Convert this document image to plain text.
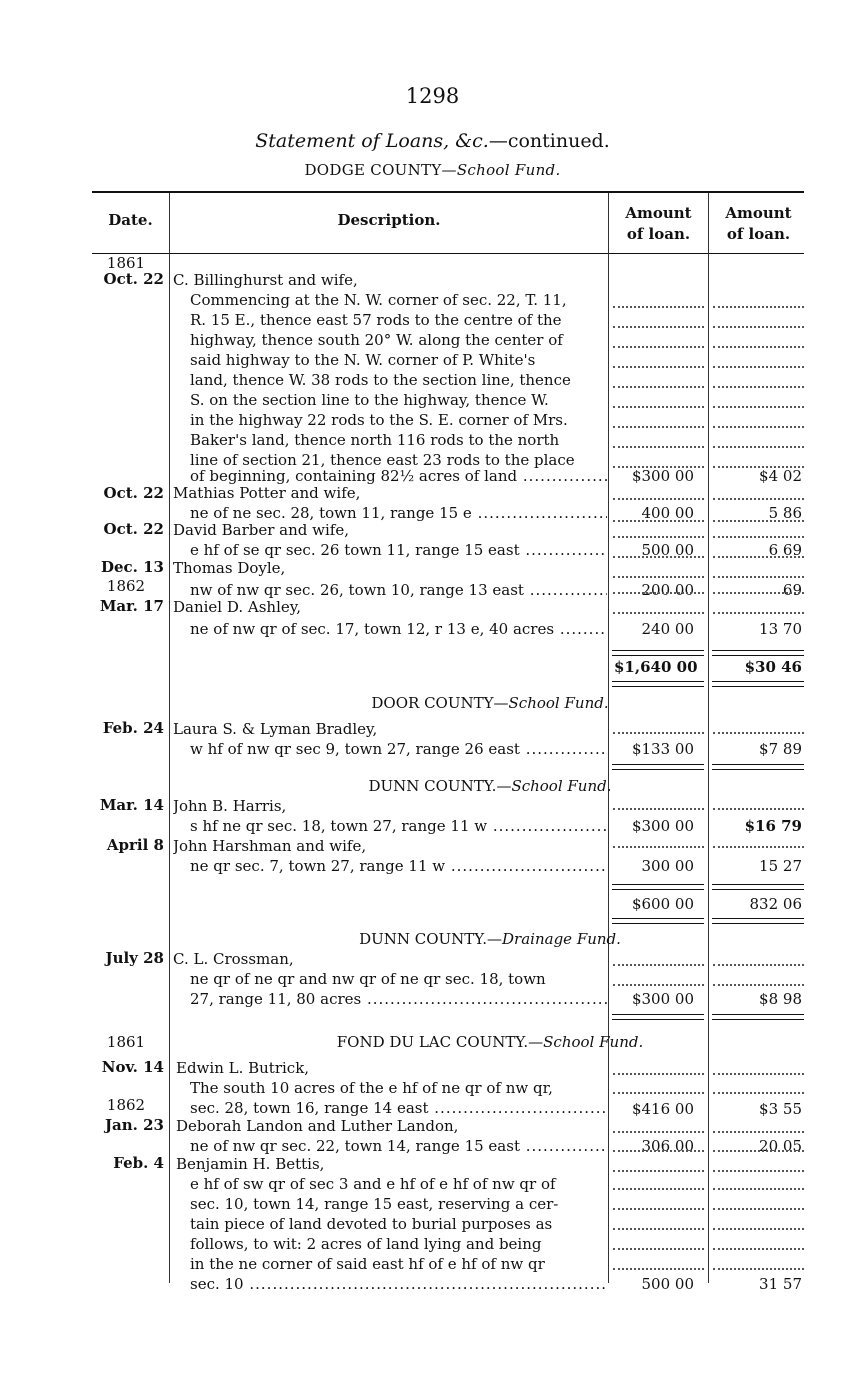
1298
Statement of Loans, &c.—continued.
DODGE COUNTY—School Fund.
Date.	Description.	Amount
of loan.
Amount
of loan.
1861
Oct. 22 C. Billinghurst and wife,
Commencing at the N. W. corner of sec. 22, T. 11,
R. 15 E., thence east 57 rods to the centre of the
highway, thence south 20° W. along the center of
said highway to the N. W. corner of P. White's
land, thence W. 38 rods to the section line, thence
S. on the section line to the highway, thence W.
in the highway 22 rods to the S. E. corner of Mrs.
Baker's land, thence north 116 rods to the north
line of section 21, thence east 23 rods to the place
of beginning, containing 82½ acres of land .....	$300 00	$4 02
Oct. 22 Mathias Potter and wife,
ne of ne sec. 28, town 11, range 15 e .....	400 00	5 86
Oct. 22 David Barber and wife,
e hf of se qr sec. 26 town 11, range 15 east .....	500 00	6 69
Dec. 13 Thomas Doyle,
nw of nw qr sec. 26, town 10, range 13 east .....	200 00	69
1862
Mar. 17 Daniel D. Ashley,
ne of nw qr of sec. 17, town 12, r 13 e, 40 acres .....	240 00	13 70
$1,640 00	$30 46
DOOR COUNTY—School Fund.
Feb. 24 Laura S. & Lyman Bradley,
w hf of nw qr sec 9, town 27, range 26 east .....	$133 00	$7 89
DUNN COUNTY.—School Fund.
Mar. 14 John B. Harris,
s hf ne qr sec. 18, town 27, range 11 w .....	$300 00	$16 79
April 8 John Harshman and wife,
ne qr sec. 7, town 27, range 11 w .....	300 00	15 27
$600 00	832 06
DUNN COUNTY.—Drainage Fund.
July 28 C. L. Crossman,
ne qr of ne qr and nw qr of ne qr sec. 18, town
27, range 11, 80 acres .....	$300 00	$8 98
1861	FOND DU LAC COUNTY.—School Fund.
Nov. 14 Edwin L. Butrick,
The south 10 acres of the e hf of ne qr of nw qr,
sec. 28, town 16, range 14 east .....	$416 00	$3 55
1862
Jan. 23 Deborah Landon and Luther Landon,
ne of nw qr sec. 22, town 14, range 15 east .....	306 00	20 05
Feb. 4 Benjamin H. Bettis,
e hf of sw qr of sec 3 and e hf of e hf of nw qr of
sec. 10, town 14, range 15 east, reserving a cer-
tain piece of land devoted to burial purposes as
follows, to wit: 2 acres of land lying and being
in the ne corner of said east hf of e hf of nw qr
sec. 10 .....	500 00	31 57
